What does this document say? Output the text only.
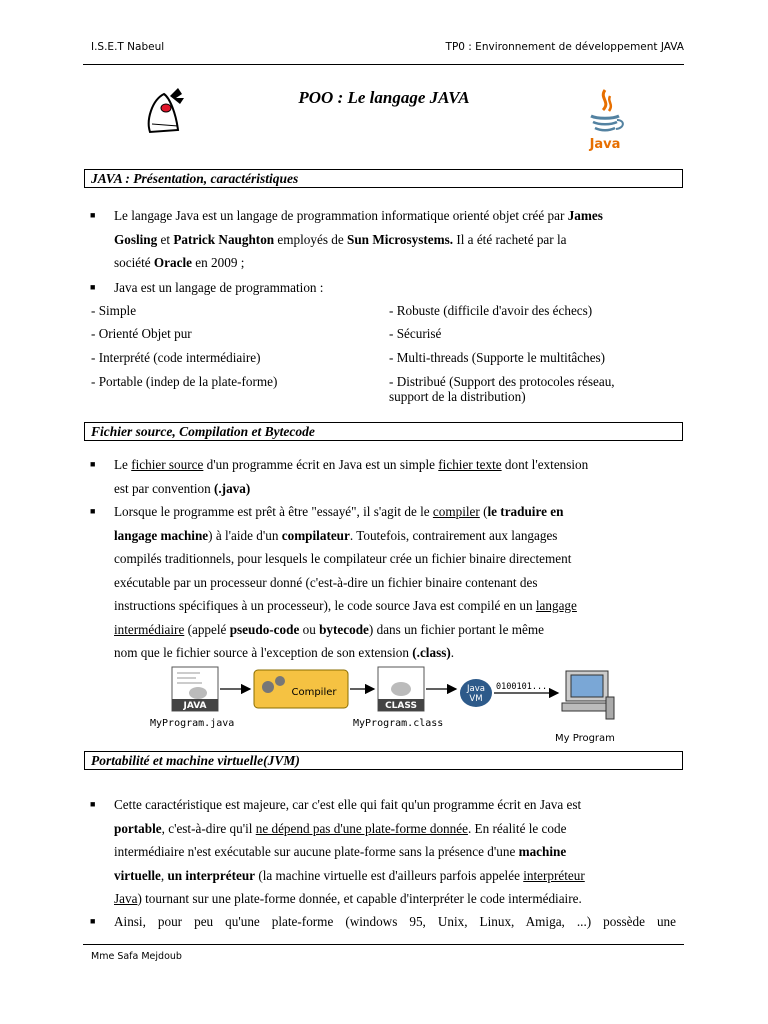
I.S.E.T Nabeul	TP0 : Environnement de développement JAVA
POO : Le langage JAVA
Java
JAVA : Présentation, caractéristiques
■ Le langage Java est un langage de programmation informatique orienté objet créé par James
Gosling et Patrick Naughton employés de Sun Microsystems. Il a été racheté par la
société Oracle en 2009 ;
■ Java est un langage de programmation :
- Simple
- Orienté Objet pur
- Interprété (code intermédiaire)
- Portable (indep de la plate-forme)
- Robuste (difficile d'avoir des échecs)
- Sécurisé
- Multi-threads (Supporte le multitâches)
- Distribué (Support des protocoles réseau,
support de la distribution)
Fichier source, Compilation et Bytecode
■ Le fichier source d'un programme écrit en Java est un simple fichier texte dont l'extension
est par convention (.java)
■ Lorsque le programme est prêt à être "essayé", il s'agit de le compiler (le traduire en
langage machine) à l'aide d'un compilateur. Toutefois, contrairement aux langages
compilés traditionnels, pour lesquels le compilateur crée un fichier binaire directement
exécutable par un processeur donné (c'est-à-dire un fichier binaire contenant des
instructions spécifiques à un processeur), le code source Java est compilé en un langage
intermédiaire (appelé pseudo-code ou bytecode) dans un fichier portant le même
nom que le fichier source à l'exception de son extension (.class).
JAVA
Compiler
CLASS
Java
VM
0100101...
MyProgram.java	MyProgram.class
My Program
Portabilité et machine virtuelle(JVM)
■ Cette caractéristique est majeure, car c'est elle qui fait qu'un programme écrit en Java est
portable, c'est-à-dire qu'il ne dépend pas d'une plate-forme donnée. En réalité le code
intermédiaire n'est exécutable sur aucune plate-forme sans la présence d'une machine
virtuelle, un interpréteur (la machine virtuelle est d'ailleurs parfois appelée interpréteur
Java) tournant sur une plate-forme donnée, et capable d'interpréter le code intermédiaire.
■ Ainsi, pour peu qu'une plate-forme (windows 95, Unix, Linux, Amiga, ...) possède une
Mme Safa Mejdoub
